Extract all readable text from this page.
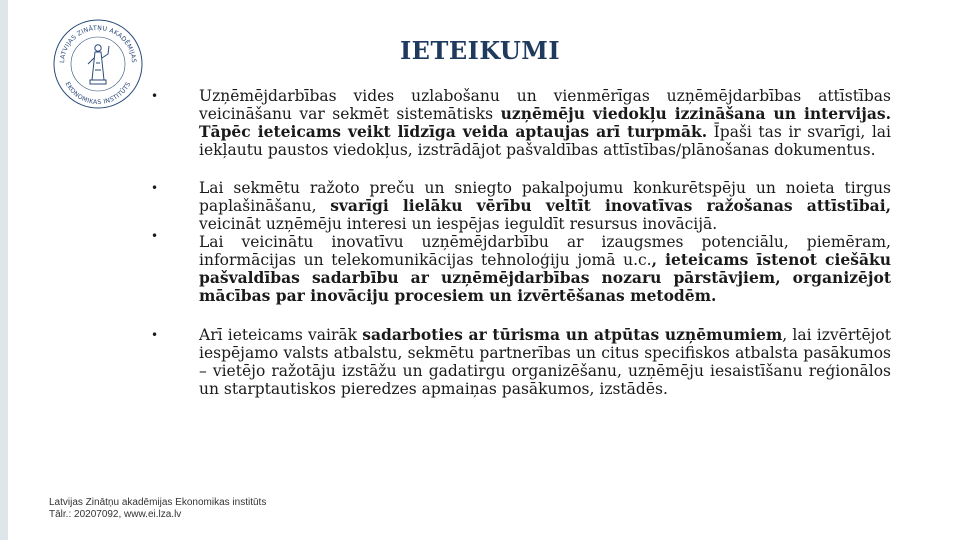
LATVIJAS ZINĀTŅU AKADĒMIJAS
EKONOMIKAS INSTITŪTS
IETEIKUMI

•	Uzņēmējdarbības vides uzlabošanu un vienmērīgas uzņēmējdarbības attīstības veicināšanu var sekmēt sistemātisks uzņēmēju viedokļu izzināšana un intervijas. Tāpēc ieteicams veikt līdzīga veida aptaujas arī turpmāk. Īpaši tas ir svarīgi, lai iekļautu paustos viedokļus, izstrādājot pašvaldības attīstības/plānošanas dokumentus.

•	Lai sekmētu ražoto preču un sniegto pakalpojumu konkurētspēju un noieta tirgus paplašināšanu, svarīgi lielāku vērību veltīt inovatīvas ražošanas attīstībai, veicināt uzņēmēju interesi un iespējas ieguldīt resursus inovācijā.

•	Lai veicinātu inovatīvu uzņēmējdarbību ar izaugsmes potenciālu, piemēram, informācijas un telekomunikācijas tehnoloģiju jomā u.c., ieteicams īstenot ciešāku pašvaldības sadarbību ar uzņēmējdarbības nozaru pārstāvjiem, organizējot mācības par inovāciju procesiem un izvērtēšanas metodēm.

•	Arī ieteicams vairāk sadarboties ar tūrisma un atpūtas uzņēmumiem, lai izvērtējot iespējamo valsts atbalstu, sekmētu partnerības un citus specifiskos atbalsta pasākumos – vietējo ražotāju izstāžu un gadatirgu organizēšanu, uzņēmēju iesaistīšanu reģionālos un starptautiskos pieredzes apmaiņas pasākumos, izstādēs.

Latvijas Zinātņu akadēmijas Ekonomikas institūts
Tālr.: 20207092, www.ei.lza.lv
